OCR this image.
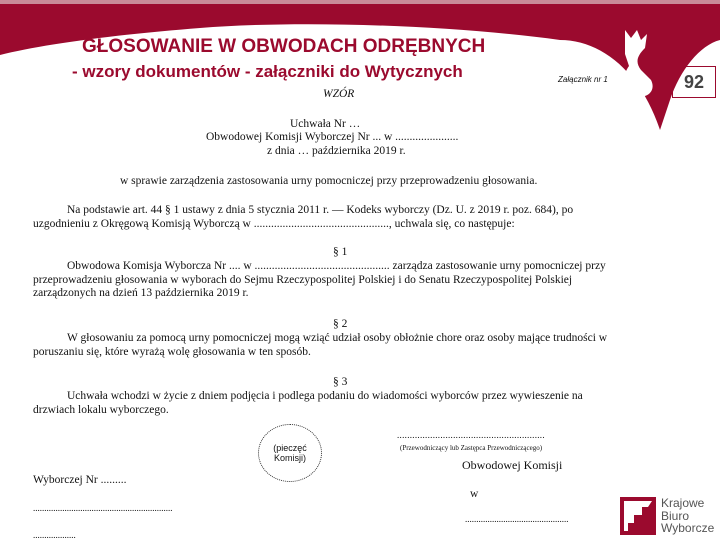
GŁOSOWANIE W OBWODACH ODRĘBNYCH
- wzory dokumentów - załączniki do Wytycznych	Załącznik nr 1	92
WZÓR
Uchwała Nr …
Obwodowej Komisji Wyborczej Nr ... w ......................
z dnia … października 2019 r.
w sprawie zarządzenia zastosowania urny pomocniczej przy przeprowadzeniu głosowania.
Na podstawie art. 44 § 1 ustawy z dnia 5 stycznia 2011 r. — Kodeks wyborczy (Dz. U. z 2019 r. poz. 684), po uzgodnieniu z Okręgową Komisją Wyborczą w ..............................................., uchwala się, co następuje:
§ 1
Obwodowa Komisja Wyborcza Nr .... w ............................................... zarządza zastosowanie urny pomocniczej przy przeprowadzeniu głosowania w wyborach do Sejmu Rzeczypospolitej Polskiej i do Senatu Rzeczypospolitej Polskiej zarządzonych na dzień 13 października 2019 r.
§ 2
W głosowaniu za pomocą urny pomocniczej mogą wziąć udział osoby obłożnie chore oraz osoby mające trudności w poruszaniu się, które wyrażą wolę głosowania w ten sposób.
§ 3
Uchwała wchodzi w życie z dniem podjęcia i podlega podaniu do wiadomości wyborców przez wywieszenie na drzwiach lokalu wyborczego.
(pieczęć
Komisji)
..........................................................
(Przewodniczący lub Zastępca Przewodniczącego)
Obwodowej Komisji
Wyborczej Nr .........
w
..............................................................
..............................................
...................
Krajowe
Biuro
Wyborcze
